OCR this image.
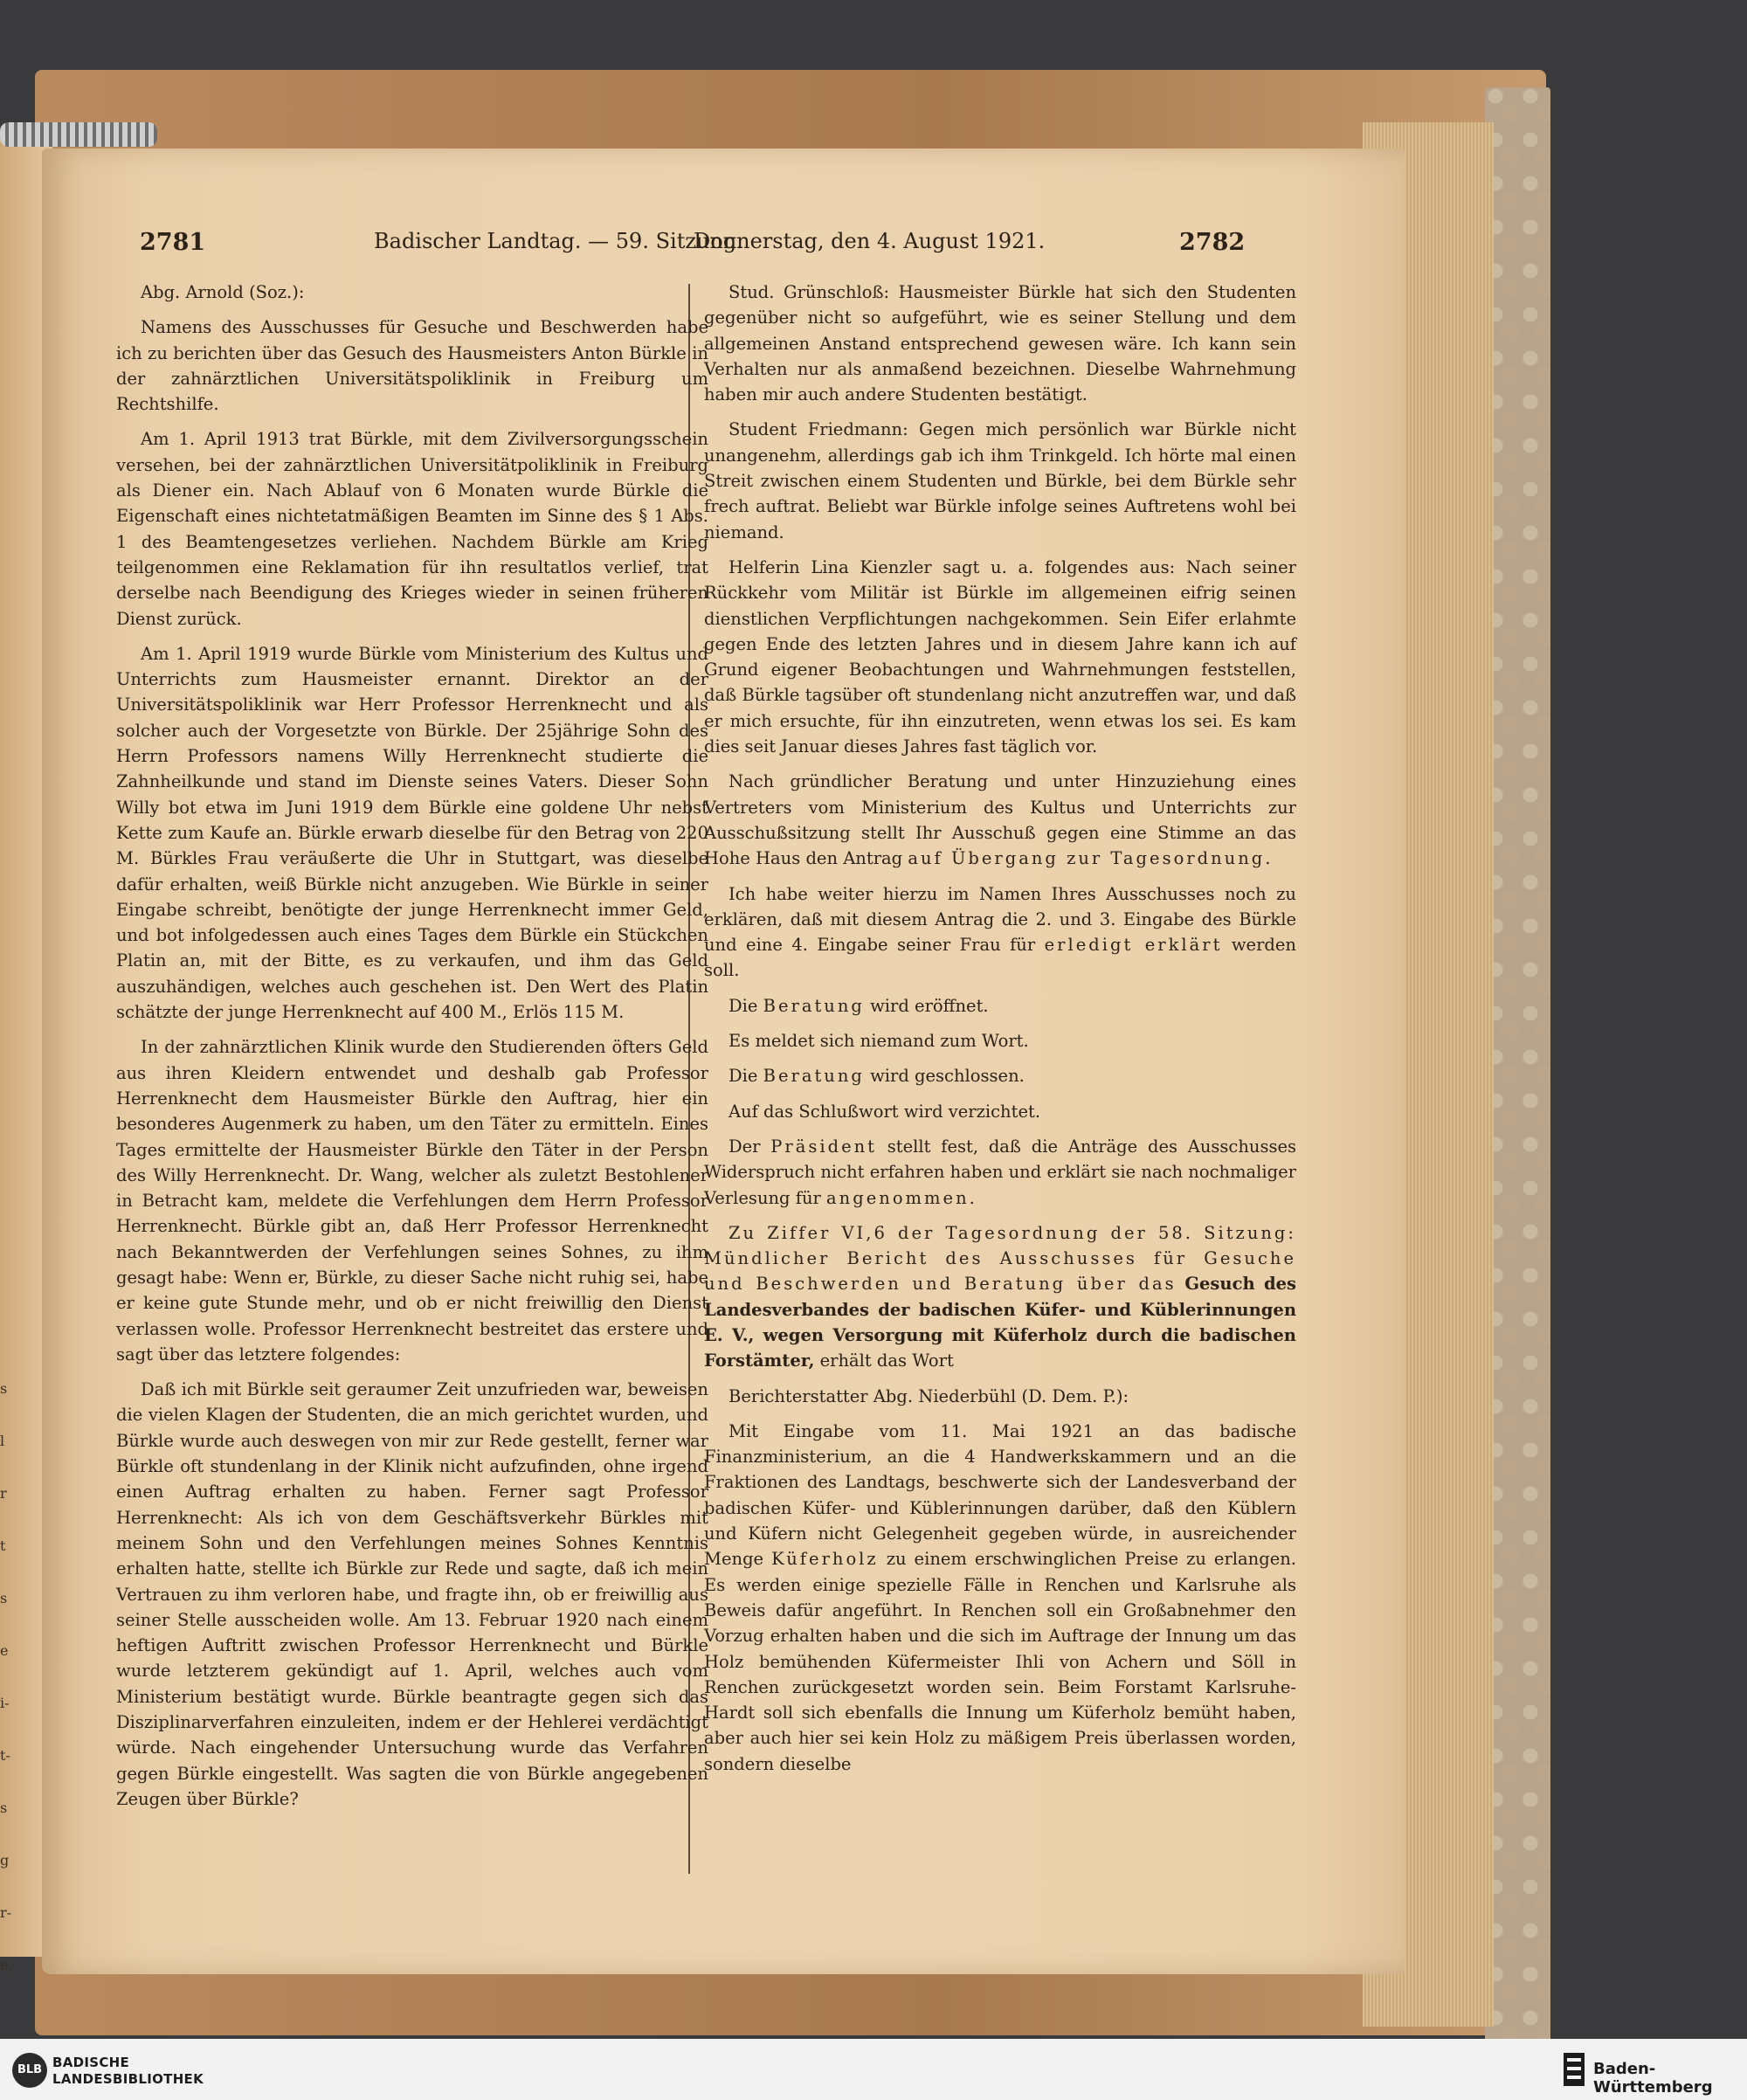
s
l
r
t
s
e
i-
t-
s
g
r-
e,
2781	Badischer Landtag. — 59. Sitzung.
Donnerstag, den 4. August 1921.	2782

Abg. Arnold (Soz.):

Namens des Ausschusses für Gesuche und Beschwerden habe ich zu berichten über das Gesuch des Hausmeisters Anton Bürkle in der zahnärztlichen Universitätspoliklinik in Freiburg um Rechtshilfe.

Am 1. April 1913 trat Bürkle, mit dem Zivilversorgungsschein versehen, bei der zahnärztlichen Universitätpoliklinik in Freiburg als Diener ein. Nach Ablauf von 6 Monaten wurde Bürkle die Eigenschaft eines nichtetatmäßigen Beamten im Sinne des § 1 Abs. 1 des Beamtengesetzes verliehen. Nachdem Bürkle am Krieg teilgenommen eine Reklamation für ihn resultatlos verlief, trat derselbe nach Beendigung des Krieges wieder in seinen früheren Dienst zurück.

Am 1. April 1919 wurde Bürkle vom Ministerium des Kultus und Unterrichts zum Hausmeister ernannt. Direktor an der Universitätspoliklinik war Herr Professor Herrenknecht und als solcher auch der Vorgesetzte von Bürkle. Der 25jährige Sohn des Herrn Professors namens Willy Herrenknecht studierte die Zahnheilkunde und stand im Dienste seines Vaters. Dieser Sohn Willy bot etwa im Juni 1919 dem Bürkle eine goldene Uhr nebst Kette zum Kaufe an. Bürkle erwarb dieselbe für den Betrag von 220 M. Bürkles Frau veräußerte die Uhr in Stuttgart, was dieselbe dafür erhalten, weiß Bürkle nicht anzugeben. Wie Bürkle in seiner Eingabe schreibt, benötigte der junge Herrenknecht immer Geld, und bot infolgedessen auch eines Tages dem Bürkle ein Stückchen Platin an, mit der Bitte, es zu verkaufen, und ihm das Geld auszuhändigen, welches auch geschehen ist. Den Wert des Platin schätzte der junge Herrenknecht auf 400 M., Erlös 115 M.

In der zahnärztlichen Klinik wurde den Studierenden öfters Geld aus ihren Kleidern entwendet und deshalb gab Professor Herrenknecht dem Hausmeister Bürkle den Auftrag, hier ein besonderes Augenmerk zu haben, um den Täter zu ermitteln. Eines Tages ermittelte der Hausmeister Bürkle den Täter in der Person des Willy Herrenknecht. Dr. Wang, welcher als zuletzt Bestohlener in Betracht kam, meldete die Verfehlungen dem Herrn Professor Herrenknecht. Bürkle gibt an, daß Herr Professor Herrenknecht nach Bekanntwerden der Verfehlungen seines Sohnes, zu ihm gesagt habe: Wenn er, Bürkle, zu dieser Sache nicht ruhig sei, habe er keine gute Stunde mehr, und ob er nicht freiwillig den Dienst verlassen wolle. Professor Herrenknecht bestreitet das erstere und sagt über das letztere folgendes:

Daß ich mit Bürkle seit geraumer Zeit unzufrieden war, beweisen die vielen Klagen der Studenten, die an mich gerichtet wurden, und Bürkle wurde auch deswegen von mir zur Rede gestellt, ferner war Bürkle oft stundenlang in der Klinik nicht aufzufinden, ohne irgend einen Auftrag erhalten zu haben. Ferner sagt Professor Herrenknecht: Als ich von dem Geschäftsverkehr Bürkles mit meinem Sohn und den Verfehlungen meines Sohnes Kenntnis erhalten hatte, stellte ich Bürkle zur Rede und sagte, daß ich mein Vertrauen zu ihm verloren habe, und fragte ihn, ob er freiwillig aus seiner Stelle ausscheiden wolle. Am 13. Februar 1920 nach einem heftigen Auftritt zwischen Professor Herrenknecht und Bürkle wurde letzterem gekündigt auf 1. April, welches auch vom Ministerium bestätigt wurde. Bürkle beantragte gegen sich das Disziplinarverfahren einzuleiten, indem er der Hehlerei verdächtigt würde. Nach eingehender Untersuchung wurde das Verfahren gegen Bürkle eingestellt. Was sagten die von Bürkle angegebenen Zeugen über Bürkle?

Stud. Grünschloß: Hausmeister Bürkle hat sich den Studenten gegenüber nicht so aufgeführt, wie es seiner Stellung und dem allgemeinen Anstand entsprechend gewesen wäre. Ich kann sein Verhalten nur als anmaßend bezeichnen. Dieselbe Wahrnehmung haben mir auch andere Studenten bestätigt.

Student Friedmann: Gegen mich persönlich war Bürkle nicht unangenehm, allerdings gab ich ihm Trinkgeld. Ich hörte mal einen Streit zwischen einem Studenten und Bürkle, bei dem Bürkle sehr frech auftrat. Beliebt war Bürkle infolge seines Auftretens wohl bei niemand.

Helferin Lina Kienzler sagt u. a. folgendes aus: Nach seiner Rückkehr vom Militär ist Bürkle im allgemeinen eifrig seinen dienstlichen Verpflichtungen nachgekommen. Sein Eifer erlahmte gegen Ende des letzten Jahres und in diesem Jahre kann ich auf Grund eigener Beobachtungen und Wahrnehmungen feststellen, daß Bürkle tagsüber oft stundenlang nicht anzutreffen war, und daß er mich ersuchte, für ihn einzutreten, wenn etwas los sei. Es kam dies seit Januar dieses Jahres fast täglich vor.

Nach gründlicher Beratung und unter Hinzuziehung eines Vertreters vom Ministerium des Kultus und Unterrichts zur Ausschußsitzung stellt Ihr Ausschuß gegen eine Stimme an das Hohe Haus den Antrag auf Übergang zur Tagesordnung.

Ich habe weiter hierzu im Namen Ihres Ausschusses noch zu erklären, daß mit diesem Antrag die 2. und 3. Eingabe des Bürkle und eine 4. Eingabe seiner Frau für erledigt erklärt werden soll.

Die Beratung wird eröffnet.

Es meldet sich niemand zum Wort.

Die Beratung wird geschlossen.

Auf das Schlußwort wird verzichtet.

Der Präsident stellt fest, daß die Anträge des Ausschusses Widerspruch nicht erfahren haben und erklärt sie nach nochmaliger Verlesung für angenommen.

Zu Ziffer VI,6 der Tagesordnung der 58. Sitzung: Mündlicher Bericht des Ausschusses für Gesuche und Beschwerden und Beratung über das Gesuch des Landesverbandes der badischen Küfer- und Küblerinnungen E. V., wegen Versorgung mit Küferholz durch die badischen Forstämter, erhält das Wort

Berichterstatter Abg. Niederbühl (D. Dem. P.):

Mit Eingabe vom 11. Mai 1921 an das badische Finanzministerium, an die 4 Handwerkskammern und an die Fraktionen des Landtags, beschwerte sich der Landesverband der badischen Küfer- und Küblerinnungen darüber, daß den Küblern und Küfern nicht Gelegenheit gegeben würde, in ausreichender Menge Küferholz zu einem erschwinglichen Preise zu erlangen. Es werden einige spezielle Fälle in Renchen und Karlsruhe als Beweis dafür angeführt. In Renchen soll ein Großabnehmer den Vorzug erhalten haben und die sich im Auftrage der Innung um das Holz bemühenden Küfermeister Ihli von Achern und Söll in Renchen zurückgesetzt worden sein. Beim Forstamt Karlsruhe-Hardt soll sich ebenfalls die Innung um Küferholz bemüht haben, aber auch hier sei kein Holz zu mäßigem Preis überlassen worden, sondern dieselbe

BLB BADISCHE
LANDESBIBLIOTHEK
Baden-Württemberg
